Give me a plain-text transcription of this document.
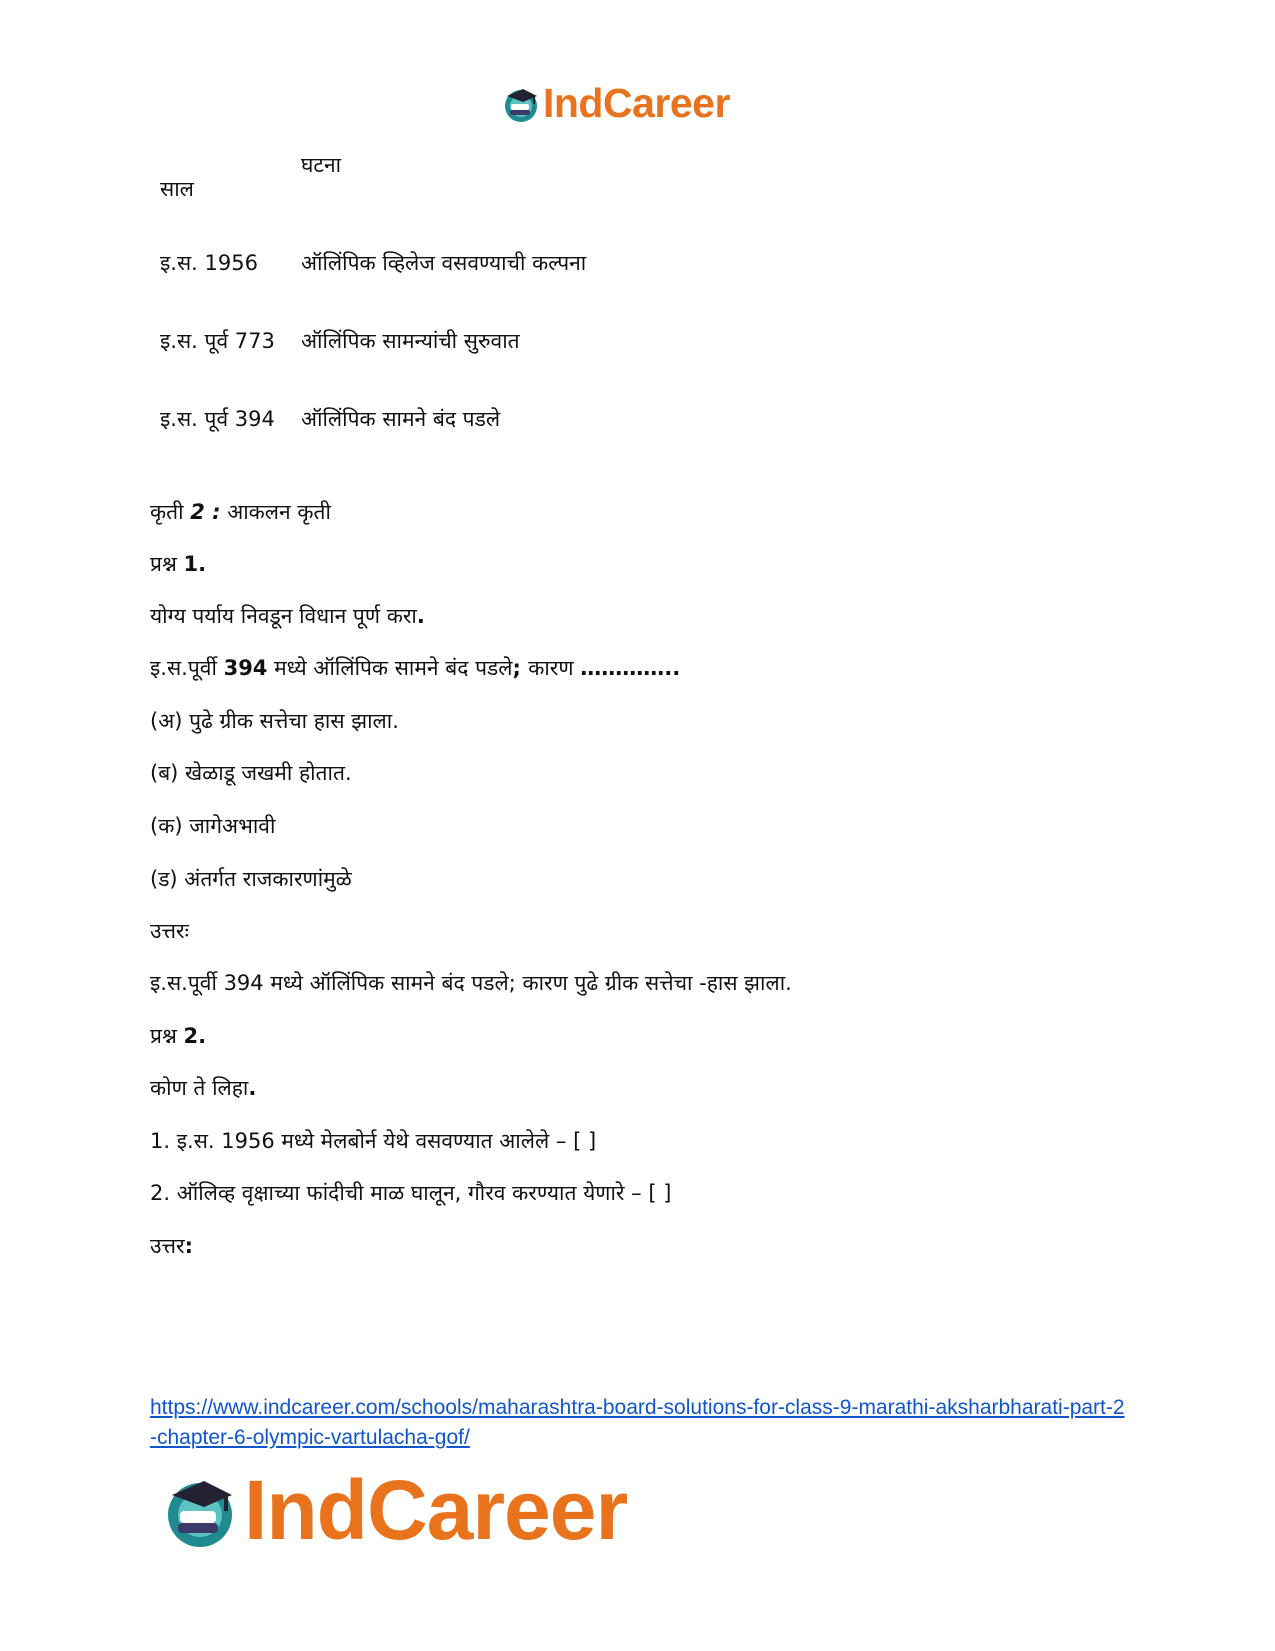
IndCareer
घटना
साल
इ.स. 1956	ऑलिंपिक व्हिलेज वसवण्याची कल्पना
इ.स. पूर्व 773 ऑलिंपिक सामन्यांची सुरुवात
इ.स. पूर्व 394 ऑलिंपिक सामने बंद पडले
कृती 2 : आकलन कृती
प्रश्न 1.
योग्य पर्याय निवडून विधान पूर्ण करा.
इ.स.पूर्वी 394 मध्ये ऑलिंपिक सामने बंद पडले; कारण …………..
(अ) पुढे ग्रीक सत्तेचा हास झाला.
(ब) खेळाडू जखमी होतात.
(क) जागेअभावी
(ड) अंतर्गत राजकारणांमुळे
उत्तरः
इ.स.पूर्वी 394 मध्ये ऑलिंपिक सामने बंद पडले; कारण पुढे ग्रीक सत्तेचा -हास झाला.
प्रश्न 2.
कोण ते लिहा.
1. इ.स. 1956 मध्ये मेलबोर्न येथे वसवण्यात आलेले – [ ]
2. ऑलिव्ह वृक्षाच्या फांदीची माळ घालून, गौरव करण्यात येणारे – [ ]
उत्तर:
https://www.indcareer.com/schools/maharashtra-board-solutions-for-class-9-marathi-aksharbharati-part-2-chapter-6-olympic-vartulacha-gof/
IndCareer
